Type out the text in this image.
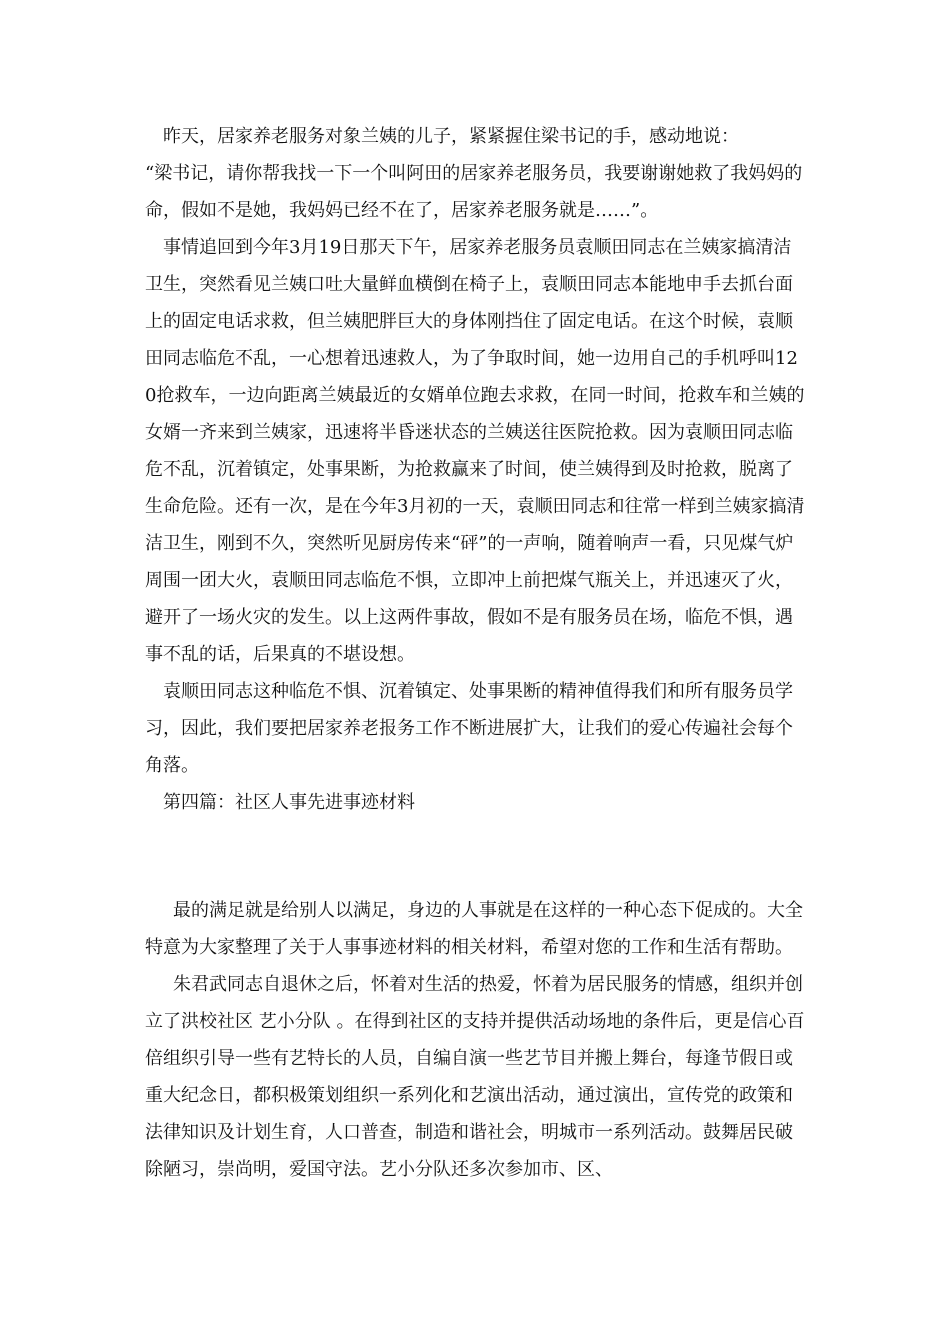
昨天，居家养老服务对象兰姨的儿子，紧紧握住梁书记的手，感动地说：

“梁书记，请你帮我找一下一个叫阿田的居家养老服务员，我要谢谢她救了我妈妈的命，假如不是她，我妈妈已经不在了，居家养老服务就是……”。

事情追回到今年3月19日那天下午，居家养老服务员袁顺田同志在兰姨家搞清洁卫生，突然看见兰姨口吐大量鲜血横倒在椅子上，袁顺田同志本能地申手去抓台面上的固定电话求救，但兰姨肥胖巨大的身体刚挡住了固定电话。在这个时候，袁顺田同志临危不乱，一心想着迅速救人，为了争取时间，她一边用自己的手机呼叫120抢救车，一边向距离兰姨最近的女婿单位跑去求救，在同一时间，抢救车和兰姨的女婿一齐来到兰姨家，迅速将半昏迷状态的兰姨送往医院抢救。因为袁顺田同志临危不乱，沉着镇定，处事果断，为抢救赢来了时间，使兰姨得到及时抢救，脱离了生命危险。还有一次，是在今年3月初的一天，袁顺田同志和往常一样到兰姨家搞清洁卫生，刚到不久，突然听见厨房传来“砰”的一声响，随着响声一看，只见煤气炉周围一团大火，袁顺田同志临危不惧，立即冲上前把煤气瓶关上，并迅速灭了火，避开了一场火灾的发生。以上这两件事故，假如不是有服务员在场，临危不惧，遇事不乱的话，后果真的不堪设想。

袁顺田同志这种临危不惧、沉着镇定、处事果断的精神值得我们和所有服务员学习，因此，我们要把居家养老报务工作不断进展扩大，让我们的爱心传遍社会每个角落。

第四篇：社区人事先进事迹材料

最的满足就是给别人以满足，身边的人事就是在这样的一种心态下促成的。大全特意为大家整理了关于人事事迹材料的相关材料，希望对您的工作和生活有帮助。

朱君武同志自退休之后，怀着对生活的热爱，怀着为居民服务的情感，组织并创立了洪校社区 艺小分队 。在得到社区的支持并提供活动场地的条件后，更是信心百倍组织引导一些有艺特长的人员，自编自演一些艺节目并搬上舞台，每逢节假日或重大纪念日，都积极策划组织一系列化和艺演出活动，通过演出，宣传党的政策和法律知识及计划生育，人口普查，制造和谐社会，明城市一系列活动。鼓舞居民破除陋习，崇尚明，爱国守法。艺小分队还多次参加市、区、
